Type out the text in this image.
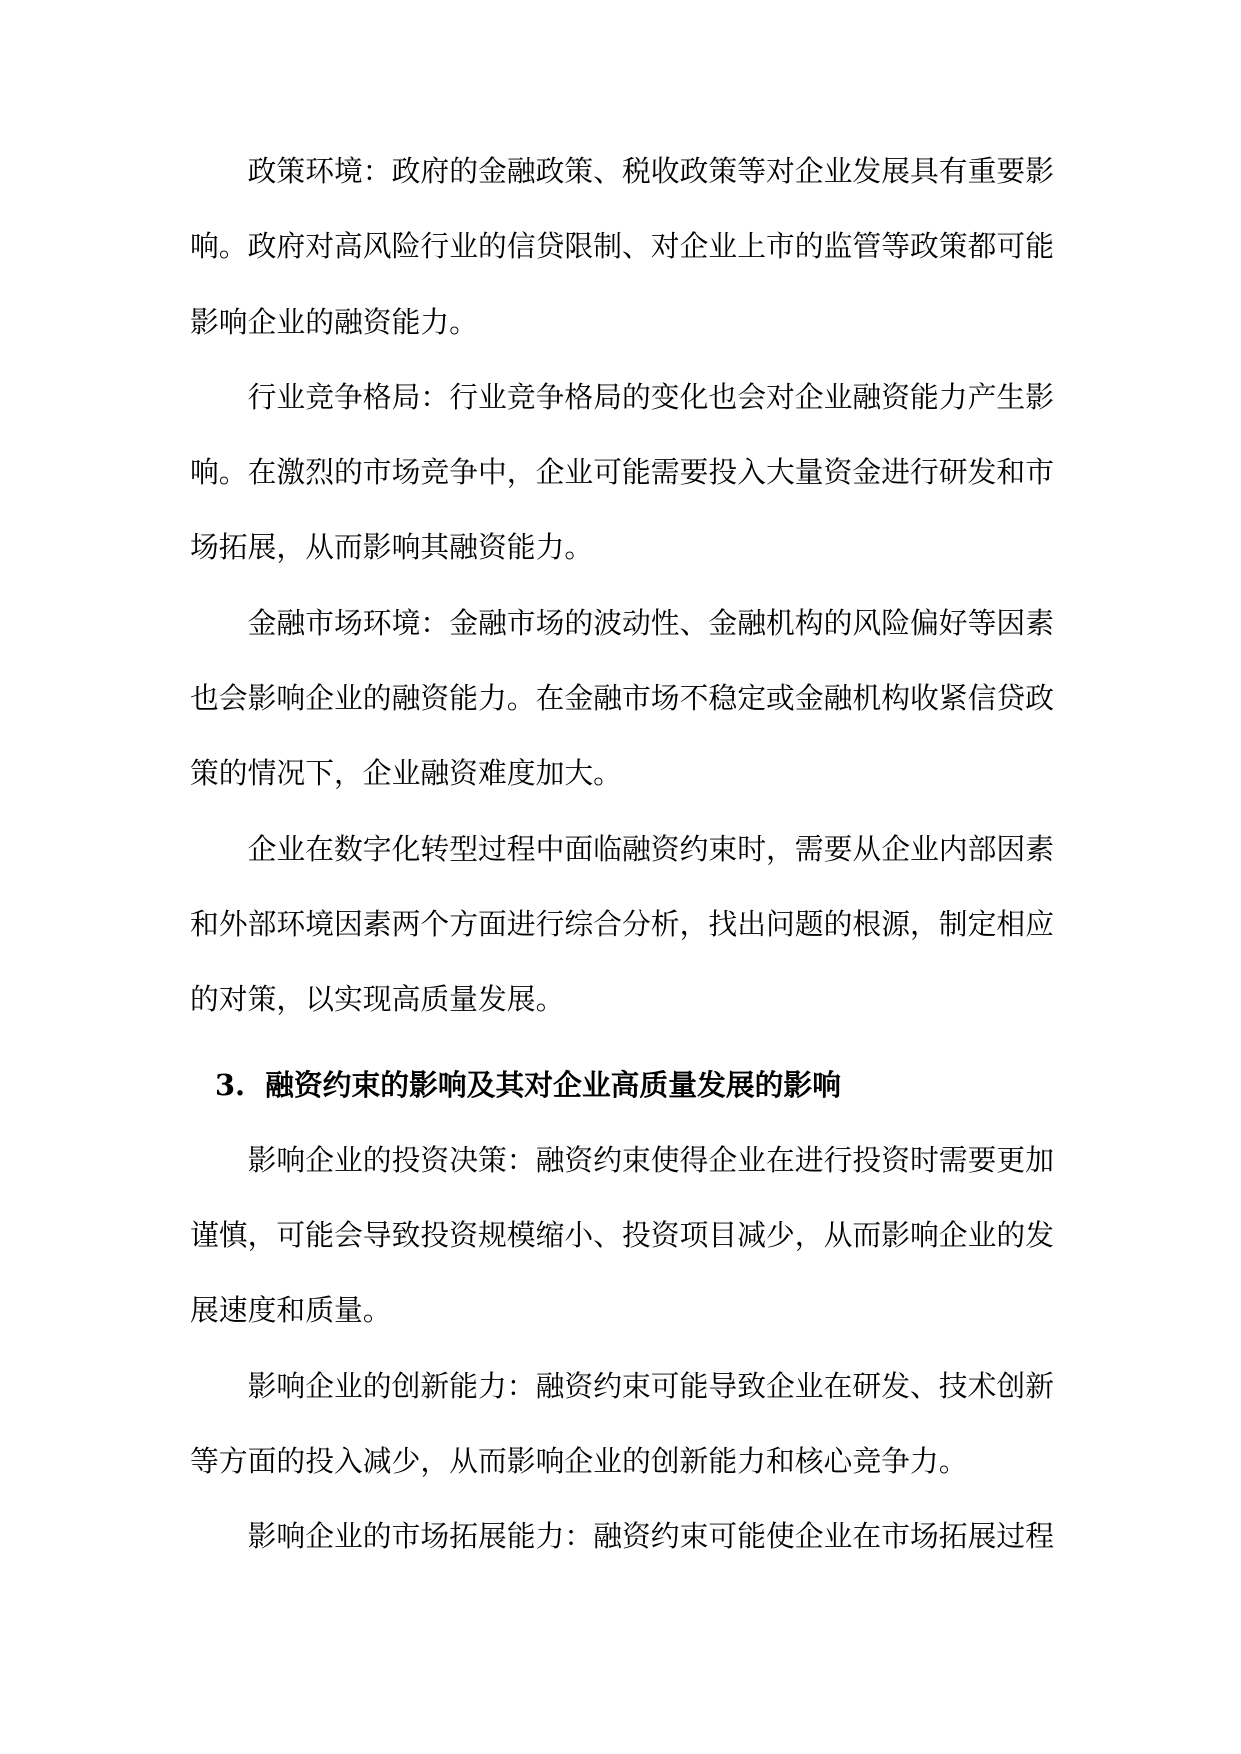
政策环境：政府的金融政策、税收政策等对企业发展具有重要影
响。政府对高风险行业的信贷限制、对企业上市的监管等政策都可能
影响企业的融资能力。
行业竞争格局：行业竞争格局的变化也会对企业融资能力产生影
响。在激烈的市场竞争中，企业可能需要投入大量资金进行研发和市
场拓展，从而影响其融资能力。
金融市场环境：金融市场的波动性、金融机构的风险偏好等因素
也会影响企业的融资能力。在金融市场不稳定或金融机构收紧信贷政
策的情况下，企业融资难度加大。
企业在数字化转型过程中面临融资约束时，需要从企业内部因素
和外部环境因素两个方面进行综合分析，找出问题的根源，制定相应
的对策，以实现高质量发展。
3. 融资约束的影响及其对企业高质量发展的影响
影响企业的投资决策：融资约束使得企业在进行投资时需要更加
谨慎，可能会导致投资规模缩小、投资项目减少，从而影响企业的发
展速度和质量。
影响企业的创新能力：融资约束可能导致企业在研发、技术创新
等方面的投入减少，从而影响企业的创新能力和核心竞争力。
影响企业的市场拓展能力：融资约束可能使企业在市场拓展过程
